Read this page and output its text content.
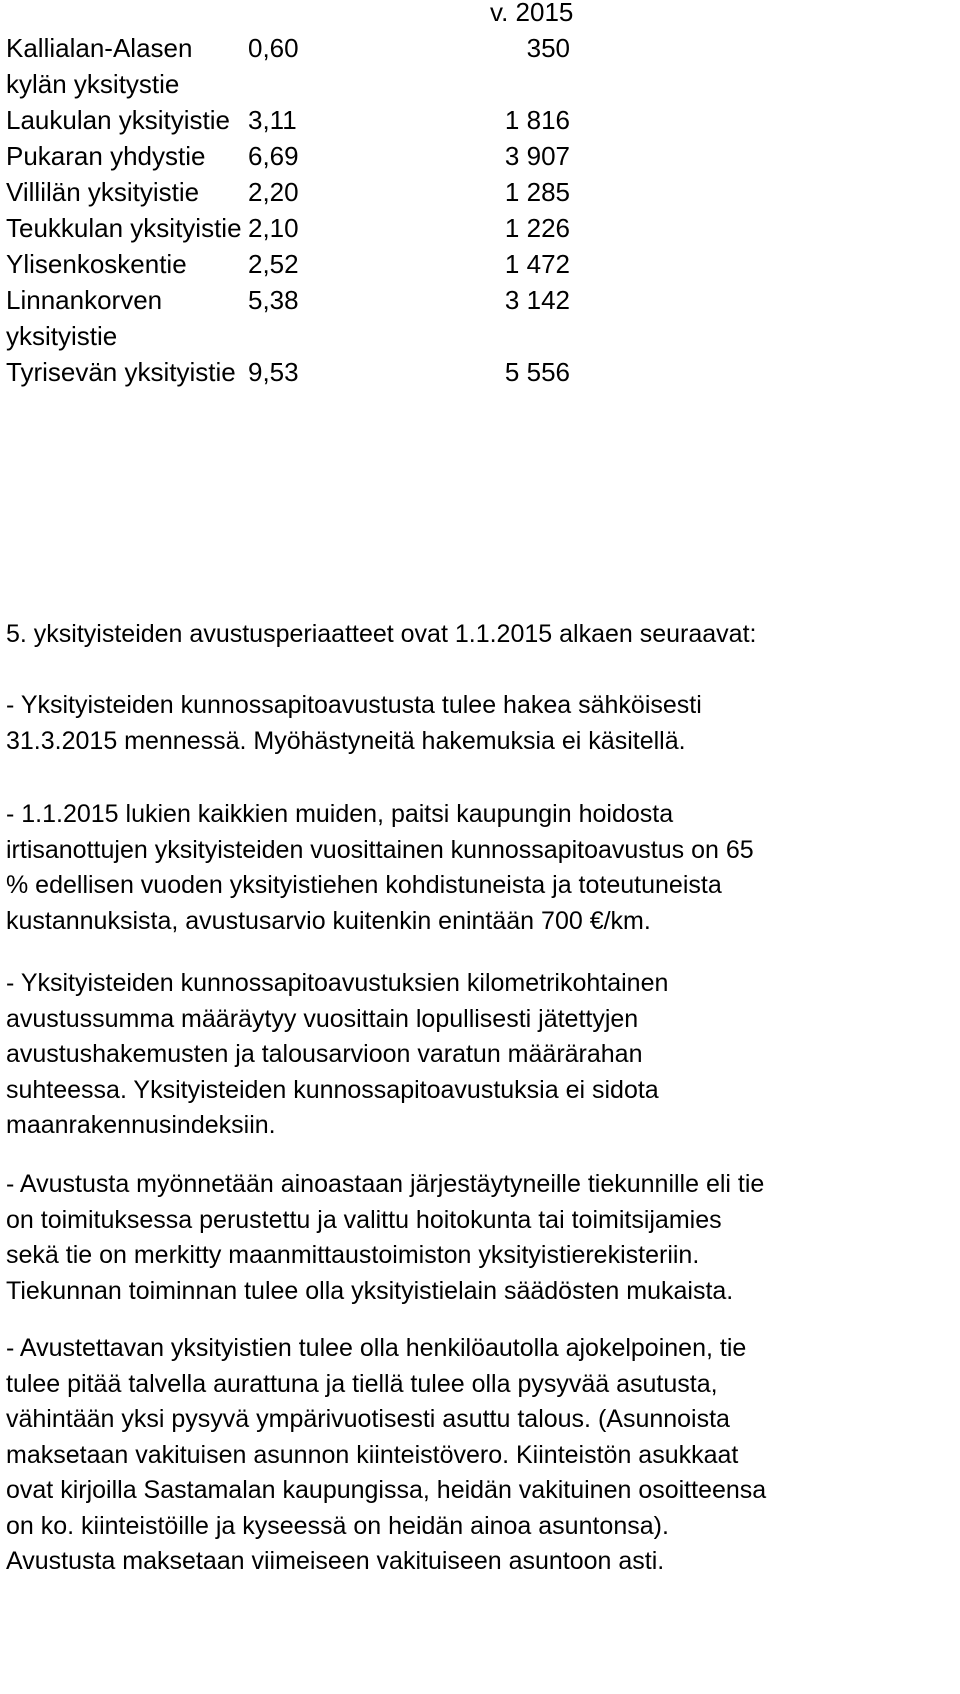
v. 2015
Kallialan-Alasen kylän yksitystie	0,60	350
Laukulan yksityistie	3,11	1 816
Pukaran yhdystie	6,69	3 907
Villilän yksityistie	2,20	1 285
Teukkulan yksityistie	2,10	1 226
Ylisenkoskentie	2,52	1 472
Linnankorven yksityistie	5,38	3 142
Tyrisevän yksityistie	9,53	5 556
5. yksityisteiden avustusperiaatteet ovat 1.1.2015 alkaen seuraavat:
- Yksityisteiden kunnossapitoavustusta tulee hakea sähköisesti
31.3.2015 mennessä. Myöhästyneitä hakemuksia ei käsitellä.
- 1.1.2015 lukien kaikkien muiden, paitsi kaupungin hoidosta
irtisanottujen yksityisteiden vuosittainen kunnossapitoavustus on 65
% edellisen vuoden yksityistiehen kohdistuneista ja toteutuneista
kustannuksista, avustusarvio kuitenkin enintään 700 €/km.
- Yksityisteiden kunnossapitoavustuksien kilometrikohtainen
avustussumma määräytyy vuosittain lopullisesti jätettyjen
avustushakemusten ja talousarvioon varatun määrärahan
suhteessa. Yksityisteiden kunnossapitoavustuksia ei sidota
maanrakennusindeksiin.
- Avustusta myönnetään ainoastaan järjestäytyneille tiekunnille eli tie
on toimituksessa perustettu ja valittu hoitokunta tai toimitsijamies
sekä tie on merkitty maanmittaustoimiston yksityistierekisteriin.
Tiekunnan toiminnan tulee olla yksityistielain säädösten mukaista.
- Avustettavan yksityistien tulee olla henkilöautolla ajokelpoinen, tie
tulee pitää talvella aurattuna ja tiellä tulee olla pysyvää asutusta,
vähintään yksi pysyvä ympärivuotisesti asuttu talous. (Asunnoista
maksetaan vakituisen asunnon kiinteistövero. Kiinteistön asukkaat
ovat kirjoilla Sastamalan kaupungissa, heidän vakituinen osoitteensa
on ko. kiinteistöille ja kyseessä on heidän ainoa asuntonsa).
Avustusta maksetaan viimeiseen vakituiseen asuntoon asti.
